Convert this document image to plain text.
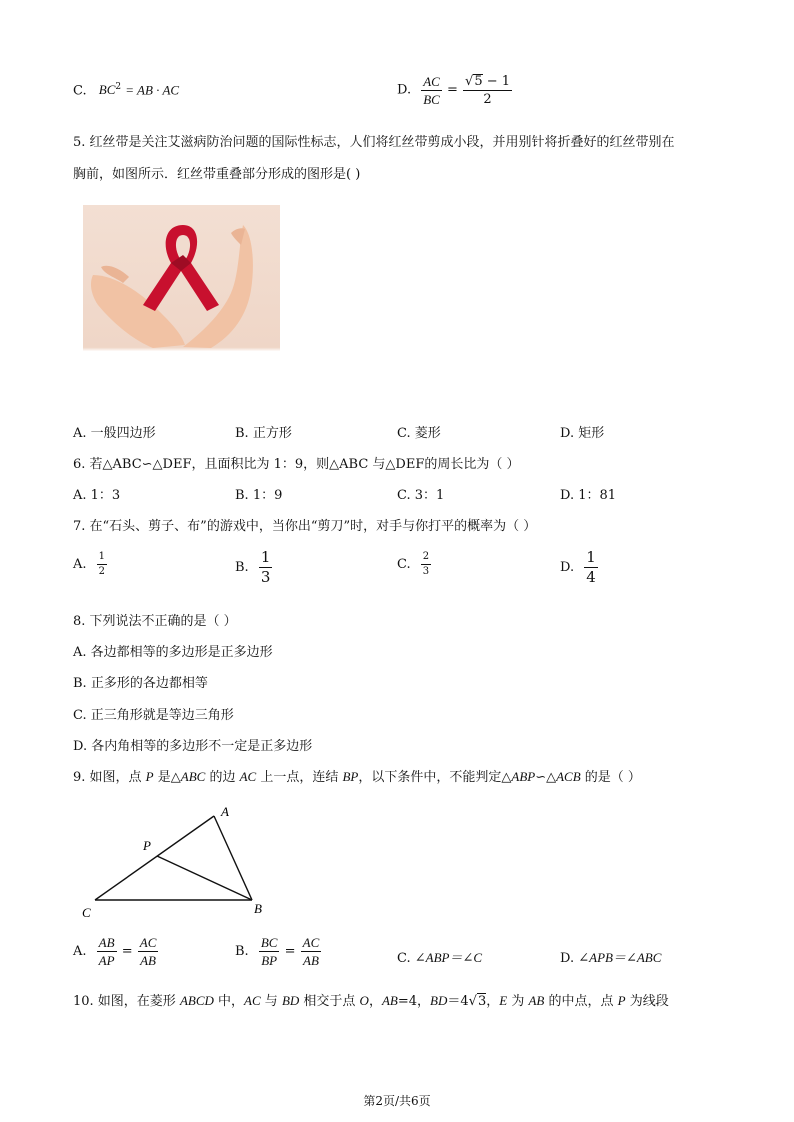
C. $BC^2$ = AB · AC	D. $\frac{AC}{BC} = \frac{√5 - 1}{2}$
5. 红丝带是关注艾滋病防治问题的国际性标志，人们将红丝带剪成小段，并用别针将折叠好的红丝带别在
胸前，如图所示．红丝带重叠部分形成的图形是( )
A. 一般四边形	B. 正方形	C. 菱形	D. 矩形
6. 若△ABC∽△DEF，且面积比为 1：9，则△ABC 与△DEF的周长比为（ ）
A. 1：3	B. 1：9	C. 3：1	D. 1：81
7. 在“石头、剪子、布”的游戏中，当你出“剪刀”时，对手与你打平的概率为（ ）
A. $\frac{1}{2}$	B. $\frac{1}{3}$	C. $\frac{2}{3}$	D. $\frac{1}{4}$
8. 下列说法不正确的是（ ）
A. 各边都相等的多边形是正多边形
B. 正多形的各边都相等
C. 正三角形就是等边三角形
D. 各内角相等的多边形不一定是正多边形
9. 如图，点 P 是△ABC 的边 AC 上一点，连结 BP，以下条件中，不能判定△ABP∽△ACB 的是（ ）
A
P
C	B
A. $\frac{AB}{AP} = \frac{AC}{AB}$	B. $\frac{BC}{BP} = \frac{AC}{AB}$	C. ∠ABP＝∠C	D. ∠APB＝∠ABC
10. 如图，在菱形 ABCD 中，AC 与 BD 相交于点 O，AB=4，BD＝4√3，E 为 AB 的中点，点 P 为线段
第2页/共6页
